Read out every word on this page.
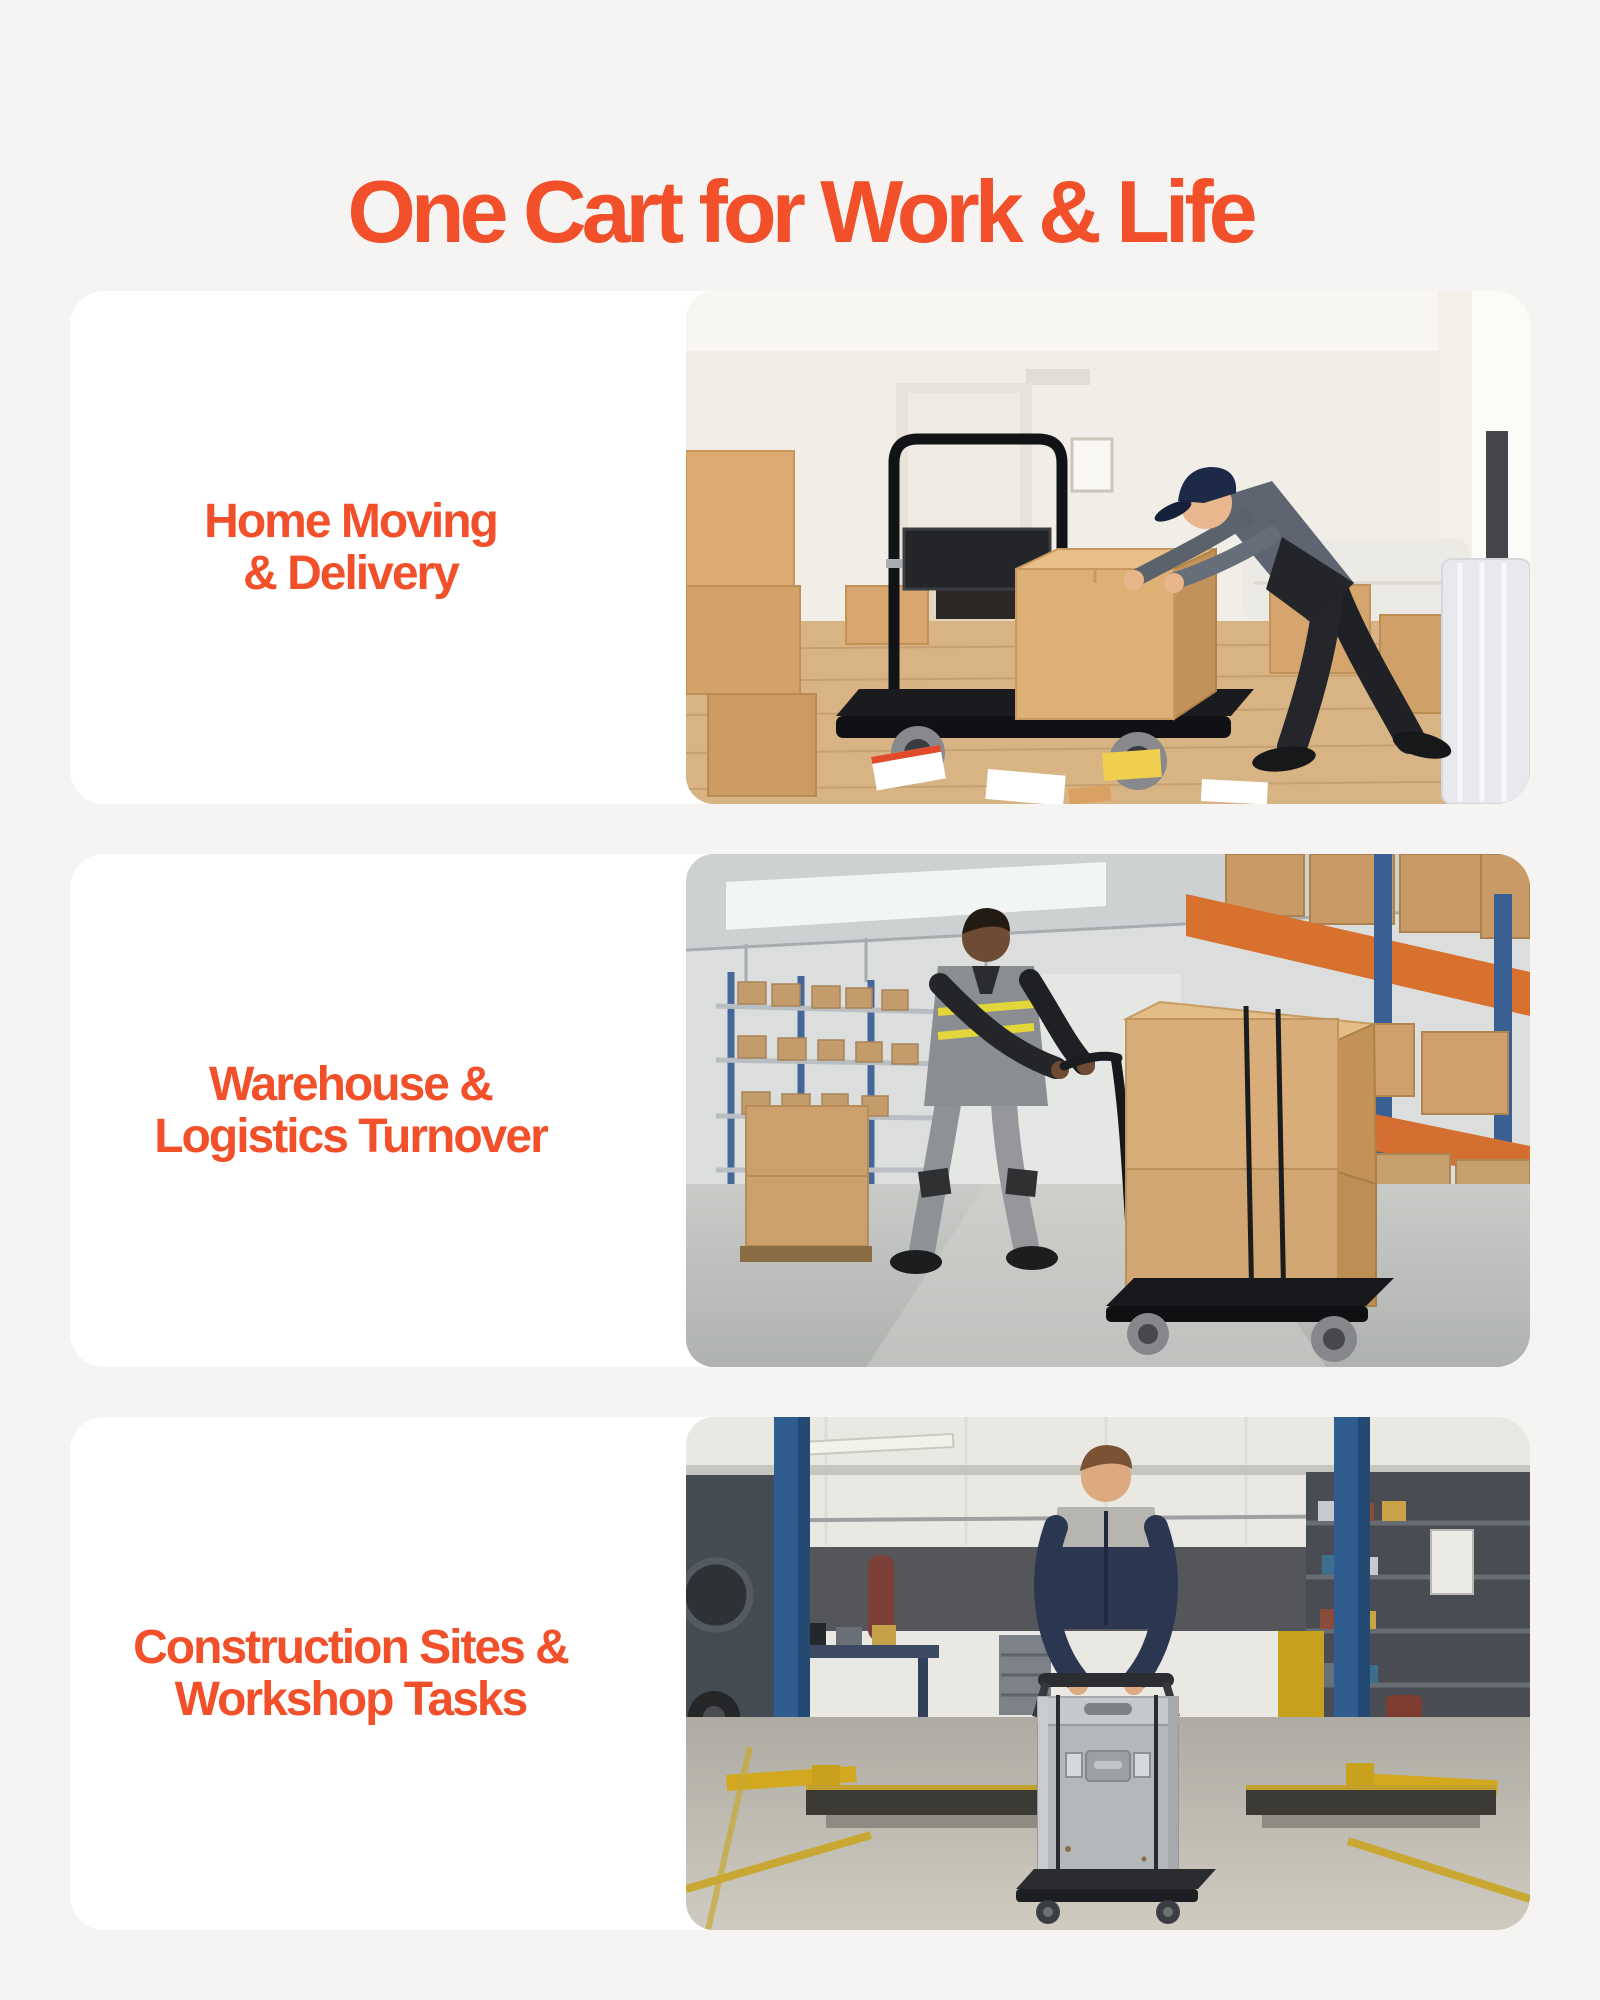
One Cart for Work & Life
Home Moving
& Delivery
Warehouse &
Logistics Turnover
Construction Sites &
Workshop Tasks
